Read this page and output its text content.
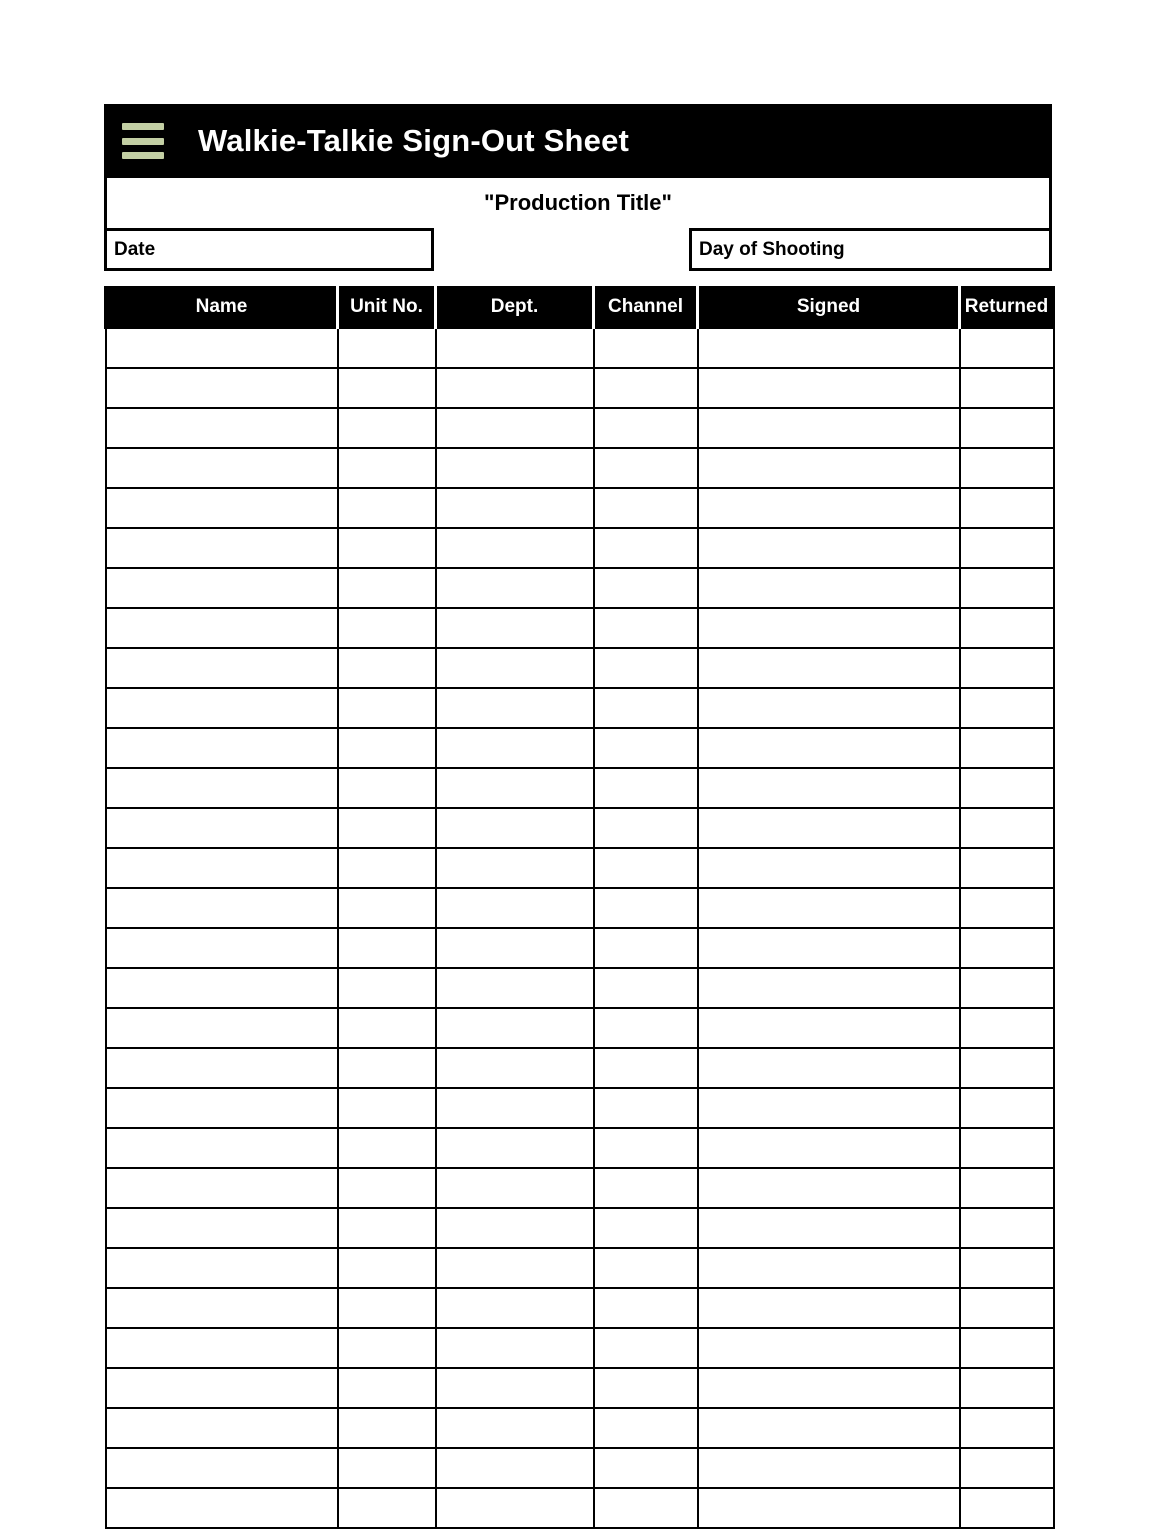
Walkie-Talkie Sign-Out Sheet
"Production Title"
Date	Day of Shooting
Name	Unit No.	Dept.	Channel	Signed	Returned
